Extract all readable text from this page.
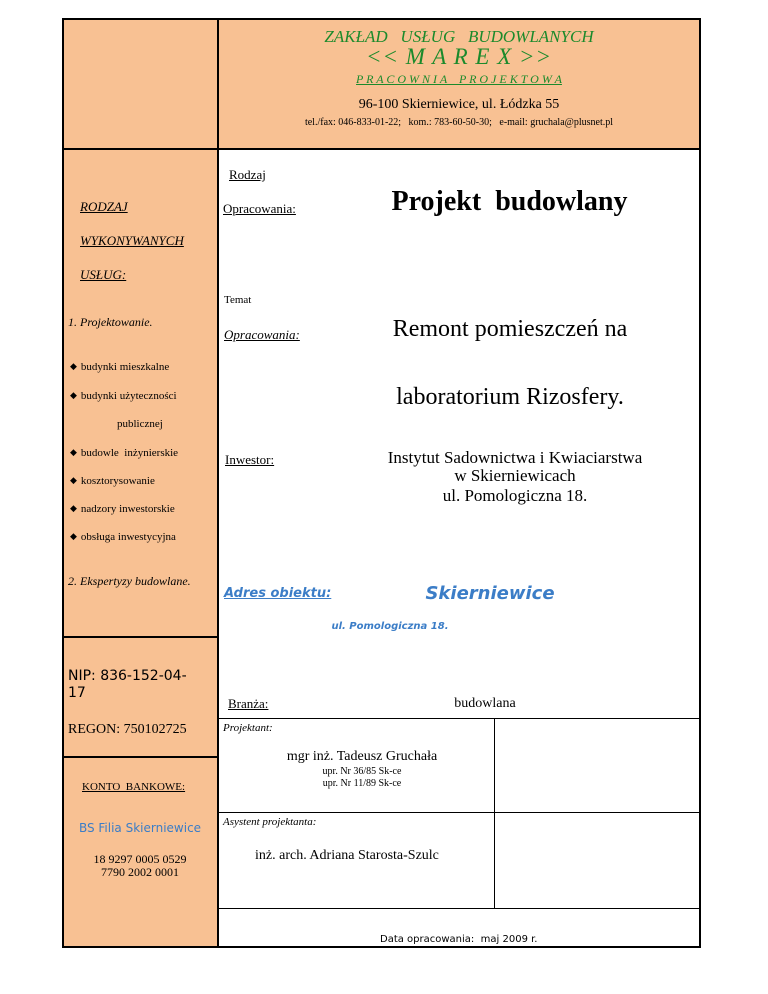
ZAKŁAD   USŁUG   BUDOWLANYCH
<< M A R E X >>
P R A C O W N I A    P R O J E K T O W A
96-100 Skierniewice, ul. Łódzka 55
tel./fax: 046-833-01-22;   kom.: 783-60-50-30;   e-mail: gruchala@plusnet.pl
RODZAJ
WYKONYWANYCH
USŁUG:
1. Projektowanie.
◆ budynki mieszkalne
◆ budynki użyteczności
publicznej
◆ budowle  inżynierskie
◆ kosztorysowanie
◆ nadzory inwestorskie
◆ obsługa inwestycyjna
2. Ekspertyzy budowlane.
NIP: 836-152-04-
17
REGON: 750102725
KONTO  BANKOWE:
BS Filia Skierniewice
18 9297 0005 0529
7790 2002 0001
Rodzaj
Opracowania:	Projekt  budowlany
Temat
Opracowania:	Remont pomieszczeń na
laboratorium Rizosfery.
Inwestor:	Instytut Sadownictwa i Kwiaciarstwa
w Skierniewicach
ul. Pomologiczna 18.
Adres obiektu:	Skierniewice
ul. Pomologiczna 18.
Branża:	budowlana
Projektant:
mgr inż. Tadeusz Gruchała
upr. Nr 36/85 Sk-ce
upr. Nr 11/89 Sk-ce
Asystent projektanta:
inż. arch. Adriana Starosta-Szulc
Data opracowania:  maj 2009 r.
